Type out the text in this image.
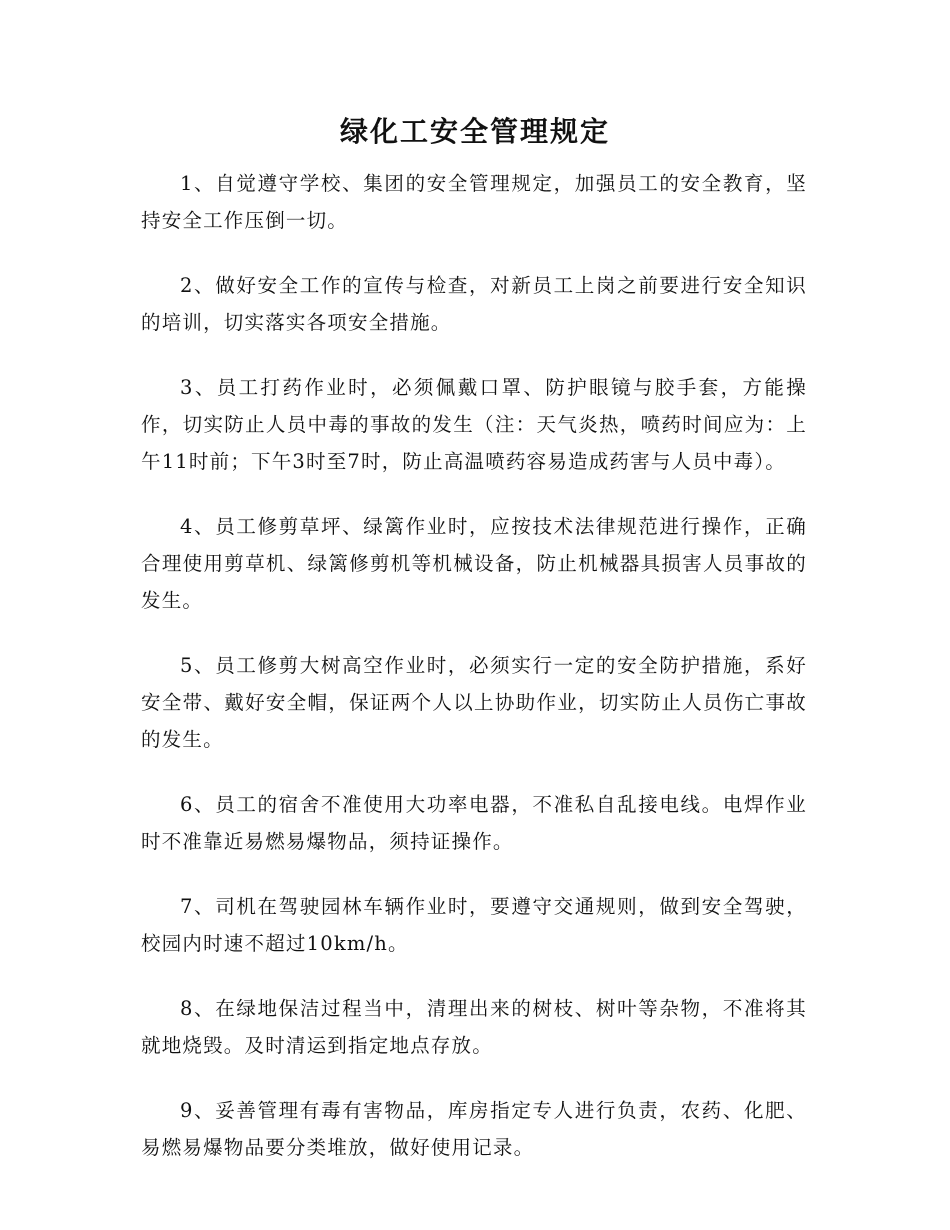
绿化工安全管理规定

1、自觉遵守学校、集团的安全管理规定，加强员工的安全教育，坚持安全工作压倒一切。

2、做好安全工作的宣传与检查，对新员工上岗之前要进行安全知识的培训，切实落实各项安全措施。

3、员工打药作业时，必须佩戴口罩、防护眼镜与胶手套，方能操作，切实防止人员中毒的事故的发生（注：天气炎热，喷药时间应为：上午11时前；下午3时至7时，防止高温喷药容易造成药害与人员中毒）。

4、员工修剪草坪、绿篱作业时，应按技术法律规范进行操作，正确合理使用剪草机、绿篱修剪机等机械设备，防止机械器具损害人员事故的发生。

5、员工修剪大树高空作业时，必须实行一定的安全防护措施，系好安全带、戴好安全帽，保证两个人以上协助作业，切实防止人员伤亡事故的发生。

6、员工的宿舍不准使用大功率电器，不准私自乱接电线。电焊作业时不准靠近易燃易爆物品，须持证操作。

7、司机在驾驶园林车辆作业时，要遵守交通规则，做到安全驾驶，校园内时速不超过10km/h。

8、在绿地保洁过程当中，清理出来的树枝、树叶等杂物，不准将其就地烧毁。及时清运到指定地点存放。

9、妥善管理有毒有害物品，库房指定专人进行负责，农药、化肥、易燃易爆物品要分类堆放，做好使用记录。
